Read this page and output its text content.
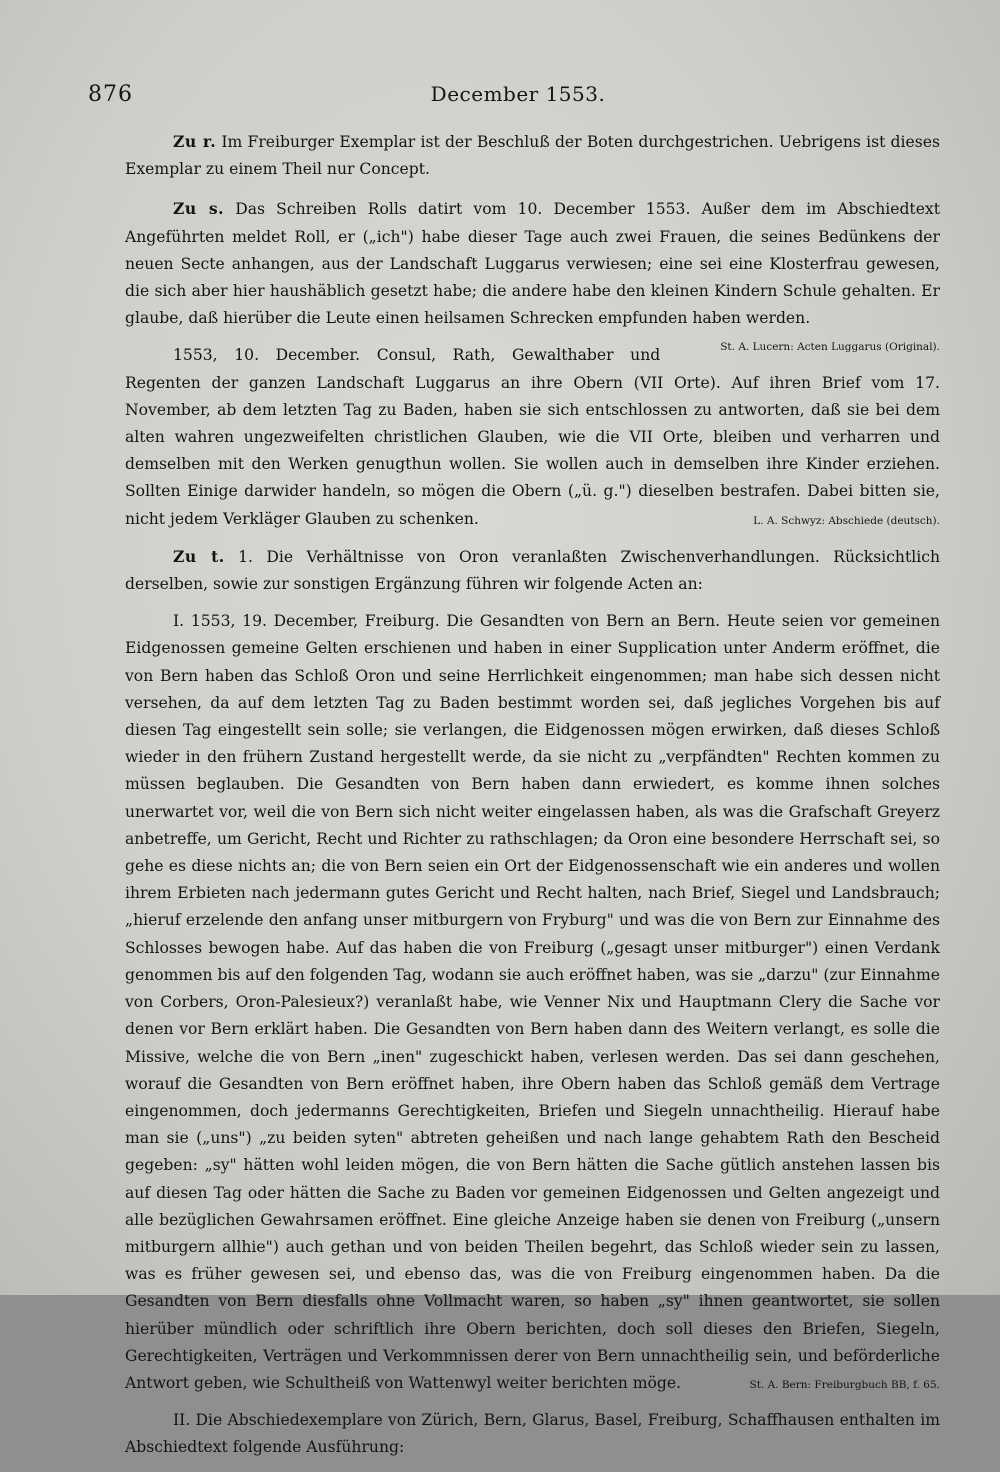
876	December 1553.

Zu r. Im Freiburger Exemplar ist der Beschluß der Boten durchgestrichen. Uebrigens ist dieses Exemplar zu einem Theil nur Concept.

Zu s. Das Schreiben Rolls datirt vom 10. December 1553. Außer dem im Abschiedtext Angeführten meldet Roll, er („ich") habe dieser Tage auch zwei Frauen, die seines Bedünkens der neuen Secte anhangen, aus der Landschaft Luggarus verwiesen; eine sei eine Klosterfrau gewesen, die sich aber hier haushäblich gesetzt habe; die andere habe den kleinen Kindern Schule gehalten. Er glaube, daß hierüber die Leute einen heilsamen Schrecken empfunden haben werden.
St. A. Lucern: Acten Luggarus (Original).

1553, 10. December. Consul, Rath, Gewalthaber und Regenten der ganzen Landschaft Luggarus an ihre Obern (VII Orte). Auf ihren Brief vom 17. November, ab dem letzten Tag zu Baden, haben sie sich entschlossen zu antworten, daß sie bei dem alten wahren ungezweifelten christlichen Glauben, wie die VII Orte, bleiben und verharren und demselben mit den Werken genugthun wollen. Sie wollen auch in demselben ihre Kinder erziehen. Sollten Einige darwider handeln, so mögen die Obern („ü. g.") dieselben bestrafen. Dabei bitten sie, nicht jedem Verkläger Glauben zu schenken.	L. A. Schwyz: Abschiede (deutsch).

Zu t. 1. Die Verhältnisse von Oron veranlaßten Zwischenverhandlungen. Rücksichtlich derselben, sowie zur sonstigen Ergänzung führen wir folgende Acten an:

I. 1553, 19. December, Freiburg. Die Gesandten von Bern an Bern. Heute seien vor gemeinen Eidgenossen gemeine Gelten erschienen und haben in einer Supplication unter Anderm eröffnet, die von Bern haben das Schloß Oron und seine Herrlichkeit eingenommen; man habe sich dessen nicht versehen, da auf dem letzten Tag zu Baden bestimmt worden sei, daß jegliches Vorgehen bis auf diesen Tag eingestellt sein solle; sie verlangen, die Eidgenossen mögen erwirken, daß dieses Schloß wieder in den frühern Zustand hergestellt werde, da sie nicht zu „verpfändten" Rechten kommen zu müssen beglauben. Die Gesandten von Bern haben dann erwiedert, es komme ihnen solches unerwartet vor, weil die von Bern sich nicht weiter eingelassen haben, als was die Grafschaft Greyerz anbetreffe, um Gericht, Recht und Richter zu rathschlagen; da Oron eine besondere Herrschaft sei, so gehe es diese nichts an; die von Bern seien ein Ort der Eidgenossenschaft wie ein anderes und wollen ihrem Erbieten nach jedermann gutes Gericht und Recht halten, nach Brief, Siegel und Landsbrauch; „hieruf erzelende den anfang unser mitburgern von Fryburg" und was die von Bern zur Einnahme des Schlosses bewogen habe. Auf das haben die von Freiburg („gesagt unser mitburger") einen Verdank genommen bis auf den folgenden Tag, wodann sie auch eröffnet haben, was sie „darzu" (zur Einnahme von Corbers, Oron-Palesieux?) veranlaßt habe, wie Venner Nix und Hauptmann Clery die Sache vor denen vor Bern erklärt haben. Die Gesandten von Bern haben dann des Weitern verlangt, es solle die Missive, welche die von Bern „inen" zugeschickt haben, verlesen werden. Das sei dann geschehen, worauf die Gesandten von Bern eröffnet haben, ihre Obern haben das Schloß gemäß dem Vertrage eingenommen, doch jedermanns Gerechtigkeiten, Briefen und Siegeln unnachtheilig. Hierauf habe man sie („uns") „zu beiden syten" abtreten geheißen und nach lange gehabtem Rath den Bescheid gegeben: „sy" hätten wohl leiden mögen, die von Bern hätten die Sache gütlich anstehen lassen bis auf diesen Tag oder hätten die Sache zu Baden vor gemeinen Eidgenossen und Gelten angezeigt und alle bezüglichen Gewahrsamen eröffnet. Eine gleiche Anzeige haben sie denen von Freiburg („unsern mitburgern allhie") auch gethan und von beiden Theilen begehrt, das Schloß wieder sein zu lassen, was es früher gewesen sei, und ebenso das, was die von Freiburg eingenommen haben. Da die Gesandten von Bern diesfalls ohne Vollmacht waren, so haben „sy" ihnen geantwortet, sie sollen hierüber mündlich oder schriftlich ihre Obern berichten, doch soll dieses den Briefen, Siegeln, Gerechtigkeiten, Verträgen und Verkommnissen derer von Bern unnachtheilig sein, und beförderliche Antwort geben, wie Schultheiß von Wattenwyl weiter berichten möge.	St. A. Bern: Freiburgbuch BB, f. 65.

II. Die Abschiedexemplare von Zürich, Bern, Glarus, Basel, Freiburg, Schaffhausen enthalten im Abschiedtext folgende Ausführung:
